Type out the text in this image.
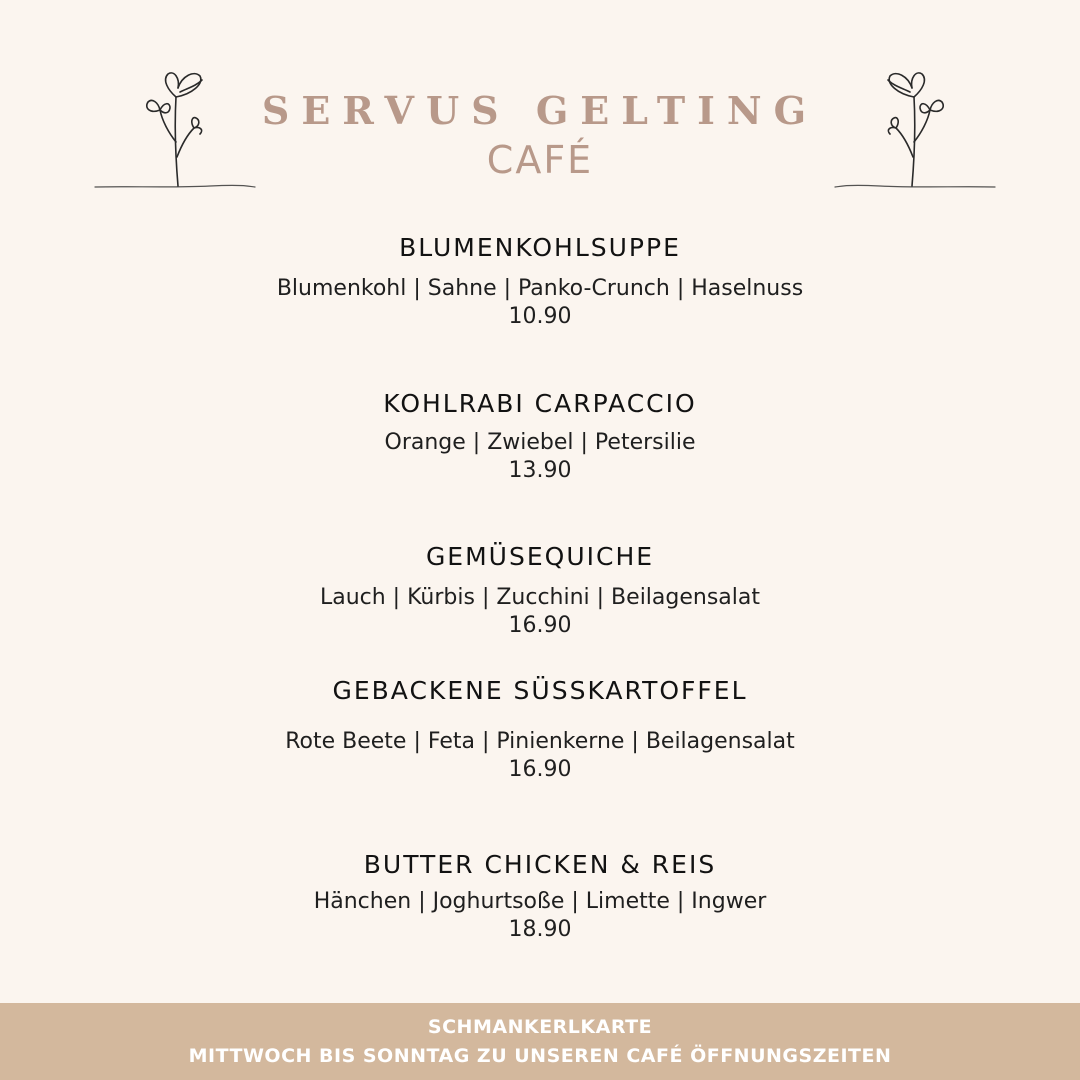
SERVUS GELTING
CAFÉ
BLUMENKOHLSUPPE
Blumenkohl | Sahne | Panko-Crunch | Haselnuss
10.90
KOHLRABI CARPACCIO
Orange | Zwiebel | Petersilie
13.90
GEMÜSEQUICHE
Lauch | Kürbis | Zucchini | Beilagensalat
16.90
GEBACKENE SÜSSKARTOFFEL
Rote Beete | Feta | Pinienkerne | Beilagensalat
16.90
BUTTER CHICKEN & REIS
Hänchen | Joghurtsoße | Limette | Ingwer
18.90
SCHMANKERLKARTE
MITTWOCH BIS SONNTAG ZU UNSEREN CAFÉ ÖFFNUNGSZEITEN
